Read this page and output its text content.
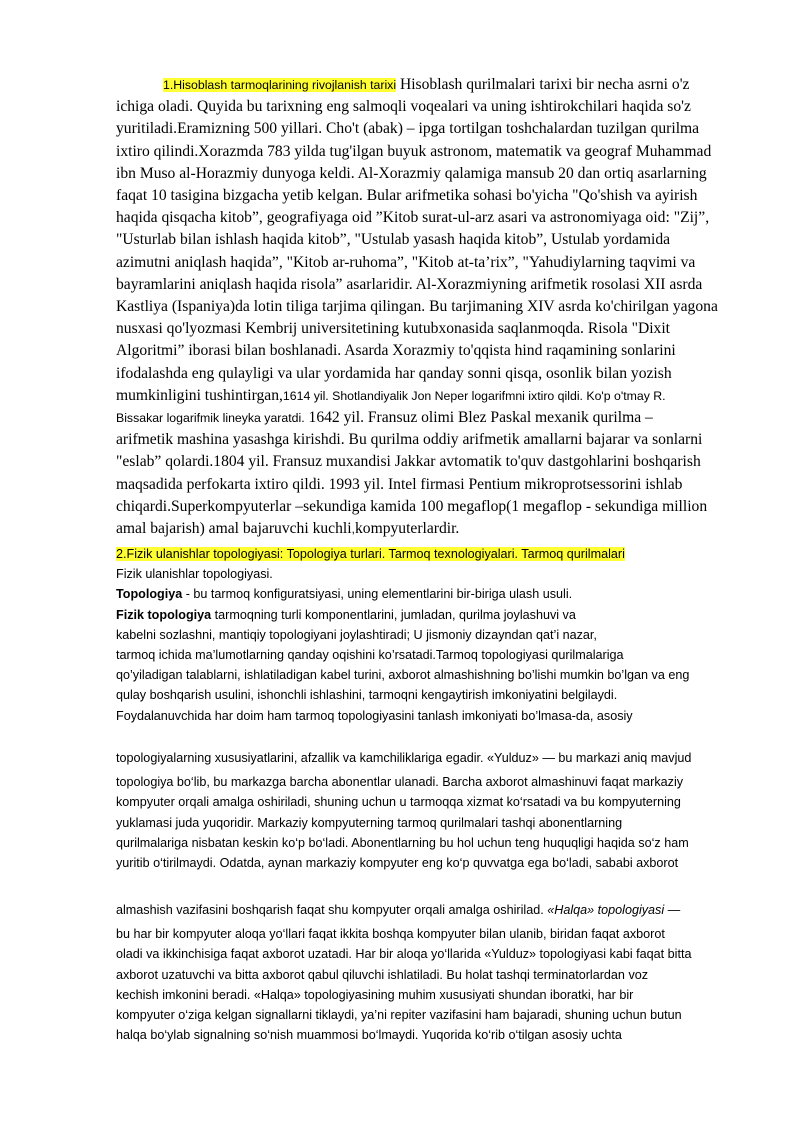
1.Hisoblash tarmoqlarining rivojlanish tarixi Hisoblash qurilmalari tarixi bir necha asrni o'z
ichiga oladi. Quyida bu tarixning eng salmoqli voqealari va uning ishtirokchilari haqida so'z
yuritiladi.Eramizning 500 yillari. Cho't (abak) – ipga tortilgan toshchalardan tuzilgan qurilma
ixtiro qilindi.Xorazmda 783 yilda tug'ilgan buyuk astronom, matematik va geograf Muhammad
ibn Muso al-Horazmiy dunyoga keldi. Al-Xorazmiy qalamiga mansub 20 dan ortiq asarlarning
faqat 10 tasigina bizgacha yetib kelgan. Bular arifmetika sohasi bo'yicha "Qo'shish va ayirish
haqida qisqacha kitob”, geografiyaga oid ”Kitob surat-ul-arz asari va astronomiyaga oid: "Zij”,
"Usturlab bilan ishlash haqida kitob”, "Ustulab yasash haqida kitob”, Ustulab yordamida
azimutni aniqlash haqida”, "Kitob ar-ruhoma”, "Kitob at-ta’rix”, "Yahudiylarning taqvimi va
bayramlarini aniqlash haqida risola” asarlaridir. Al-Xorazmiyning arifmetik rosolasi XII asrda
Kastliya (Ispaniya)da lotin tiliga tarjima qilingan. Bu tarjimaning XIV asrda ko'chirilgan yagona
nusxasi qo'lyozmasi Kembrij universitetining kutubxonasida saqlanmoqda. Risola "Dixit
Algoritmi” iborasi bilan boshlanadi. Asarda Xorazmiy to'qqista hind raqamining sonlarini
ifodalashda eng qulayligi va ular yordamida har qanday sonni qisqa, osonlik bilan yozish
mumkinligini tushintirgan,1614 yil. Shotlandiyalik Jon Neper logarifmni ixtiro qildi. Ko'p o'tmay R.
Bissakar logarifmik lineyka yaratdi. 1642 yil. Fransuz olimi Blez Paskal mexanik qurilma –
arifmetik mashina yasashga kirishdi. Bu qurilma oddiy arifmetik amallarni bajarar va sonlarni
"eslab” qolardi.1804 yil. Fransuz muxandisi Jakkar avtomatik to'quv dastgohlarini boshqarish
maqsadida perfokarta ixtiro qildi. 1993 yil. Intel firmasi Pentium mikroprotsessorini ishlab
chiqardi.Superkompyuterlar –sekundiga kamida 100 megaflop(1 megaflop - sekundiga million
amal bajarish) amal bajaruvchi kuchli,kompyuterlardir.
2.Fizik ulanishlar topologiyasi: Topologiya turlari. Tarmoq texnologiyalari. Tarmoq qurilmalari
Fizik ulanishlar topologiyasi.
Topologiya - bu tarmoq konfiguratsiyasi, uning elementlarini bir-biriga ulash usuli.
Fizik topologiya tarmoqning turli komponentlarini, jumladan, qurilma joylashuvi va
kabelni sozlashni, mantiqiy topologiyani joylashtiradi; U jismoniy dizayndan qat’i nazar,
tarmoq ichida ma’lumotlarning qanday oqishini ko’rsatadi.Tarmoq topologiyasi qurilmalariga
qo’yiladigan talablarni, ishlatiladigan kabel turini, axborot almashishning bo’lishi mumkin bo’lgan va eng
qulay boshqarish usulini, ishonchli ishlashini, tarmoqni kengaytirish imkoniyatini belgilaydi.
Foydalanuvchida har doim ham tarmoq topologiyasini tanlash imkoniyati bo’lmasa-da, asosiy
topologiyalarning xususiyatlarini, afzallik va kamchiliklariga egadir. «Yulduz» — bu markazi aniq mavjud
topologiya bo‘lib, bu markazga barcha abonentlar ulanadi. Barcha axborot almashinuvi faqat markaziy
kompyuter orqali amalga oshiriladi, shuning uchun u tarmoqqa xizmat ko‘rsatadi va bu kompyuterning
yuklamasi juda yuqoridir. Markaziy kompyuterning tarmoq qurilmalari tashqi abonentlarning
qurilmalariga nisbatan keskin ko‘p bo‘ladi. Abonentlarning bu hol uchun teng huquqligi haqida so‘z ham
yuritib o‘tirilmaydi. Odatda, aynan markaziy kompyuter eng ko‘p quvvatga ega bo‘ladi, sababi axborot
almashish vazifasini boshqarish faqat shu kompyuter orqali amalga oshirilad. «Halqa» topologiyasi —
bu har bir kompyuter aloqa yo‘llari faqat ikkita boshqa kompyuter bilan ulanib, biridan faqat axborot
oladi va ikkinchisiga faqat axborot uzatadi. Har bir aloqa yo‘llarida «Yulduz» topologiyasi kabi faqat bitta
axborot uzatuvchi va bitta axborot qabul qiluvchi ishlatiladi. Bu holat tashqi terminatorlardan voz
kechish imkonini beradi. «Halqa» topologiyasining muhim xususiyati shundan iboratki, har bir
kompyuter o‘ziga kelgan signallarni tiklaydi, ya’ni repiter vazifasini ham bajaradi, shuning uchun butun
halqa bo‘ylab signalning so‘nish muammosi bo‘lmaydi. Yuqorida ko‘rib o‘tilgan asosiy uchta
